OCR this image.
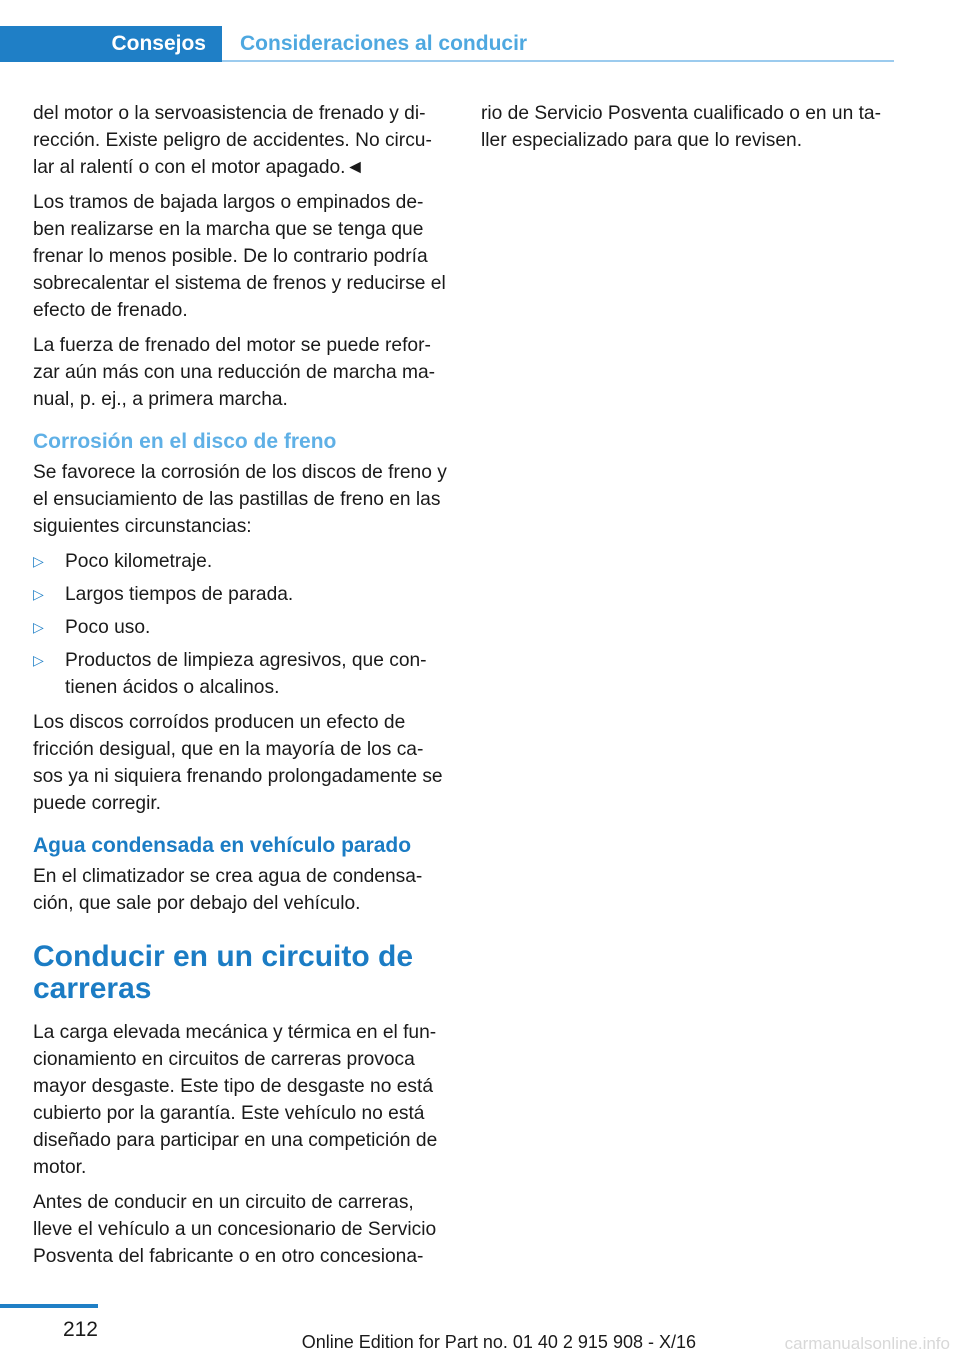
Consejos	Consideraciones al conducir

del motor o la servoasistencia de frenado y di‐rección. Existe peligro de accidentes. No circu‐lar al ralentí o con el motor apagado.◄

Los tramos de bajada largos o empinados de‐ben realizarse en la marcha que se tenga que frenar lo menos posible. De lo contrario podría sobrecalentar el sistema de frenos y reducirse el efecto de frenado.

La fuerza de frenado del motor se puede refor‐zar aún más con una reducción de marcha ma‐nual, p. ej., a primera marcha.

Corrosión en el disco de freno

Se favorece la corrosión de los discos de freno y el ensuciamiento de las pastillas de freno en las siguientes circunstancias:

▷	Poco kilometraje.
▷	Largos tiempos de parada.
▷	Poco uso.
▷	Productos de limpieza agresivos, que con‐tienen ácidos o alcalinos.

Los discos corroídos producen un efecto de fricción desigual, que en la mayoría de los ca‐sos ya ni siquiera frenando prolongadamente se puede corregir.

Agua condensada en vehículo parado

En el climatizador se crea agua de condensa‐ción, que sale por debajo del vehículo.

Conducir en un circuito de carreras

La carga elevada mecánica y térmica en el fun‐cionamiento en circuitos de carreras provoca mayor desgaste. Este tipo de desgaste no está cubierto por la garantía. Este vehículo no está diseñado para participar en una competición de motor.

Antes de conducir en un circuito de carreras, lleve el vehículo a un concesionario de Servicio Posventa del fabricante o en otro concesiona‐

rio de Servicio Posventa cualificado o en un ta‐ller especializado para que lo revisen.

212
Online Edition for Part no. 01 40 2 915 908 - X/16	carmanualsonline.info
